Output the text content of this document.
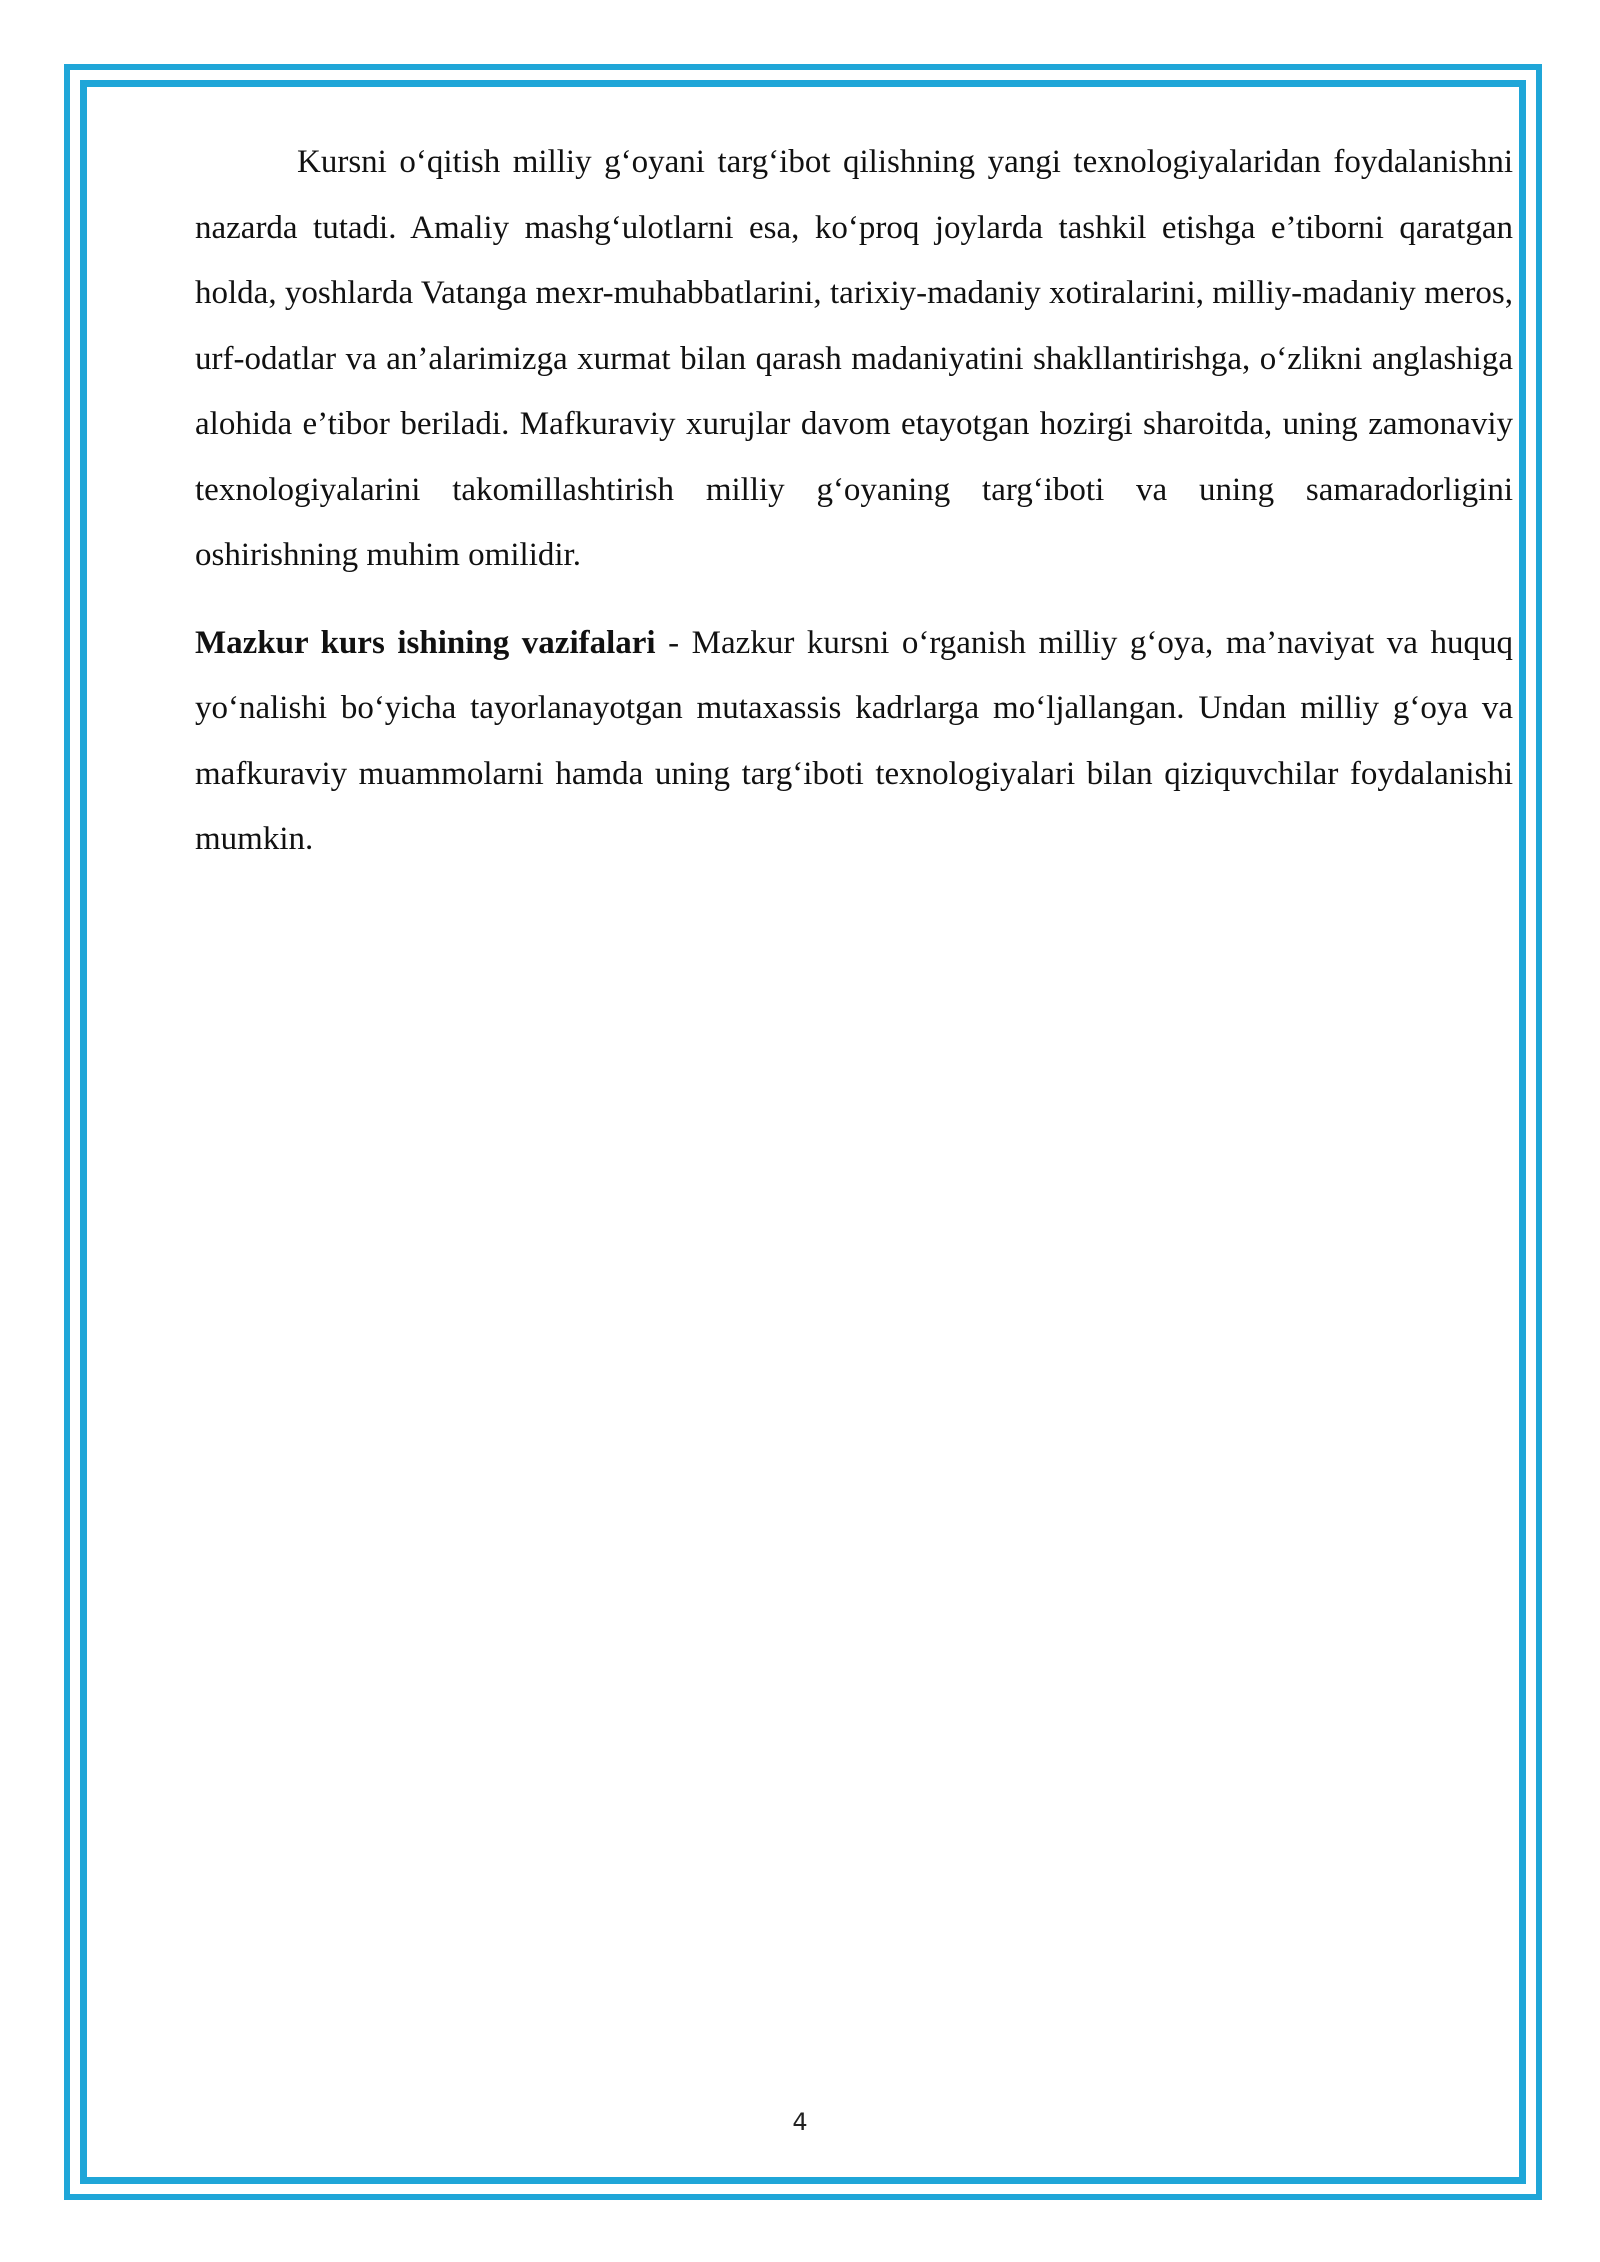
Kursni o‘qitish milliy g‘oyani targ‘ibot qilishning yangi texnologiyalaridan foydalanishni nazarda tutadi. Amaliy mashg‘ulotlarni esa, ko‘proq joylarda tashkil etishga e’tiborni qaratgan holda, yoshlarda Vatanga mexr-muhabbatlarini, tarixiy-madaniy xotiralarini, milliy-madaniy meros, urf-odatlar va an’alarimizga xurmat bilan qarash madaniyatini shakllantirishga, o‘zlikni anglashiga alohida e’tibor beriladi. Mafkuraviy xurujlar davom etayotgan hozirgi sharoitda, uning zamonaviy texnologiyalarini takomillashtirish milliy g‘oyaning targ‘iboti va uning samaradorligini oshirishning muhim omilidir.

Mazkur kurs ishining vazifalari - Mazkur kursni o‘rganish milliy g‘oya, ma’naviyat va huquq yo‘nalishi bo‘yicha tayorlanayotgan mutaxassis kadrlarga mo‘ljallangan. Undan milliy g‘oya va mafkuraviy muammolarni hamda uning targ‘iboti texnologiyalari bilan qiziquvchilar foydalanishi mumkin.

4
